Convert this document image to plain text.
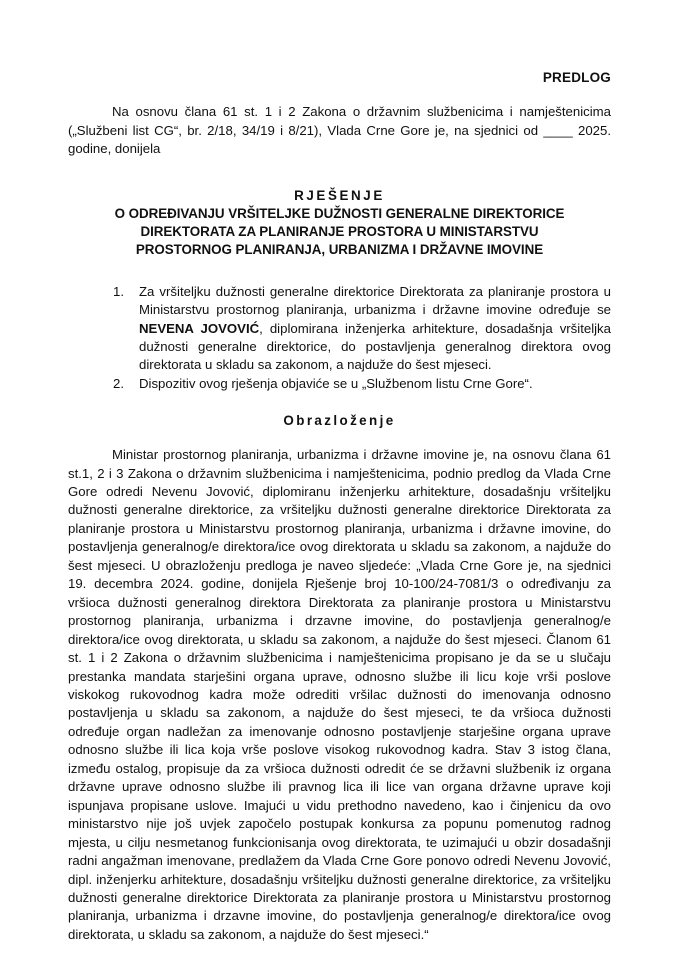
PREDLOG

Na osnovu člana 61 st. 1 i 2 Zakona o državnim službenicima i namještenicima („Službeni list CG“, br. 2/18, 34/19 i 8/21), Vlada Crne Gore je, na sjednici od ____ 2025. godine, donijela

RJEŠENJE
O ODREĐIVANJU VRŠITELJKE DUŽNOSTI GENERALNE DIREKTORICE
DIREKTORATA ZA PLANIRANJE PROSTORA U MINISTARSTVU
PROSTORNOG PLANIRANJA, URBANIZMA I DRŽAVNE IMOVINE
Za vršiteljku dužnosti generalne direktorice Direktorata za planiranje prostora u Ministarstvu prostornog planiranja, urbanizma i državne imovine određuje se NEVENA JOVOVIĆ, diplomirana inženjerka arhitekture, dosadašnja vršiteljka dužnosti generalne direktorice, do postavljenja generalnog direktora ovog direktorata u skladu sa zakonom, a najduže do šest mjeseci.
Dispozitiv ovog rješenja objaviće se u „Službenom listu Crne Gore“.

Obrazloženje

Ministar prostornog planiranja, urbanizma i državne imovine je, na osnovu člana 61 st.1, 2 i 3 Zakona o državnim službenicima i namještenicima, podnio predlog da Vlada Crne Gore odredi Nevenu Jovović, diplomiranu inženjerku arhitekture, dosadašnju vršiteljku dužnosti generalne direktorice, za vršiteljku dužnosti generalne direktorice Direktorata za planiranje prostora u Ministarstvu prostornog planiranja, urbanizma i državne imovine, do postavljenja generalnog/e direktora/ice ovog direktorata u skladu sa zakonom, a najduže do šest mjeseci. U obrazloženju predloga je naveo sljedeće: „Vlada Crne Gore je, na sjednici 19. decembra 2024. godine, donijela Rješenje broj 10-100/24-7081/3 o određivanju za vršioca dužnosti generalnog direktora Direktorata za planiranje prostora u Ministarstvu prostornog planiranja, urbanizma i drzavne imovine, do postavljenja generalnog/e direktora/ice ovog direktorata, u skladu sa zakonom, a najduže do šest mjeseci. Članom 61 st. 1 i 2 Zakona o državnim službenicima i namještenicima propisano je da se u slučaju prestanka mandata starješini organa uprave, odnosno službe ili licu koje vrši poslove viskokog rukovodnog kadra može odrediti vršilac dužnosti do imenovanja odnosno postavljenja u skladu sa zakonom, a najduže do šest mjeseci, te da vršioca dužnosti određuje organ nadležan za imenovanje odnosno postavljenje starješine organa uprave odnosno službe ili lica koja vrše poslove visokog rukovodnog kadra. Stav 3 istog člana, između ostalog, propisuje da za vršioca dužnosti odredit će se državni službenik iz organa državne uprave odnosno službe ili pravnog lica ili lice van organa državne uprave koji ispunjava propisane uslove. Imajući u vidu prethodno navedeno, kao i činjenicu da ovo ministarstvo nije još uvjek započelo postupak konkursa za popunu pomenutog radnog mjesta, u cilju nesmetanog funkcionisanja ovog direktorata, te uzimajući u obzir dosadašnji radni angažman imenovane, predlažem da Vlada Crne Gore ponovo odredi Nevenu Jovović, dipl. inženjerku arhitekture, dosadašnju vršiteljku dužnosti generalne direktorice, za vršiteljku dužnosti generalne direktorice Direktorata za planiranje prostora u Ministarstvu prostornog planiranja, urbanizma i drzavne imovine, do postavljenja generalnog/e direktora/ice ovog direktorata, u skladu sa zakonom, a najduže do šest mjeseci.“
